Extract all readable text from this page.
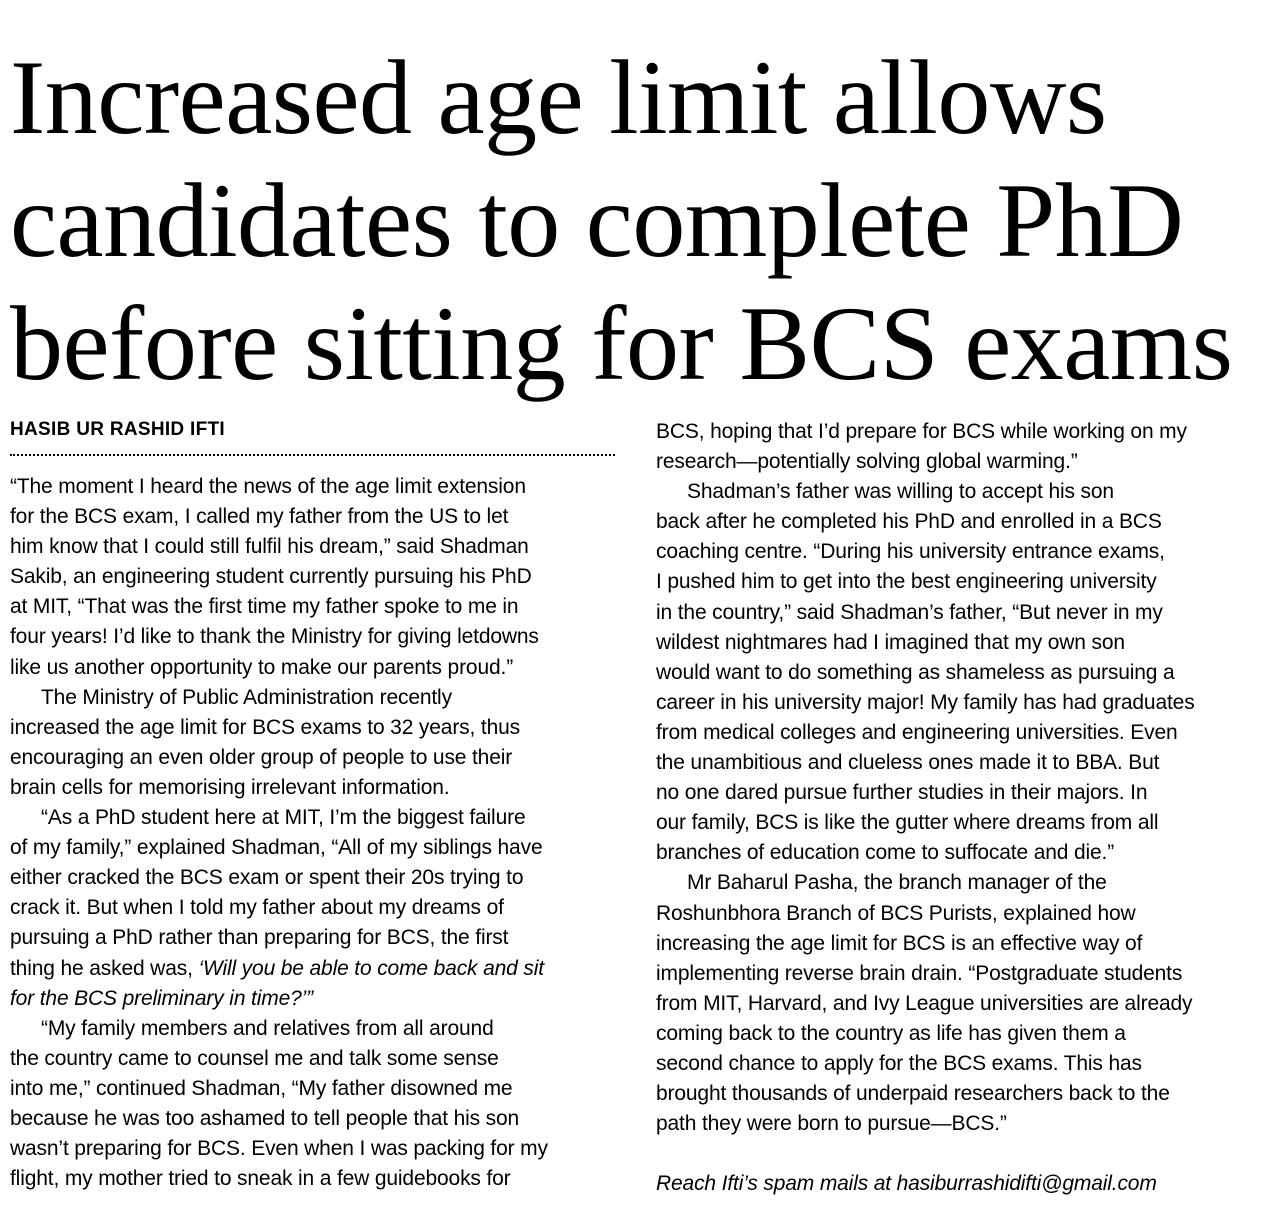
Increased age limit allows
candidates to complete PhD
before sitting for BCS exams
HASIB UR RASHID IFTI
“The moment I heard the news of the age limit extension
for the BCS exam, I called my father from the US to let
him know that I could still fulfil his dream,” said Shadman
Sakib, an engineering student currently pursuing his PhD
at MIT, “That was the first time my father spoke to me in
four years! I’d like to thank the Ministry for giving letdowns
like us another opportunity to make our parents proud.”
The Ministry of Public Administration recently
increased the age limit for BCS exams to 32 years, thus
encouraging an even older group of people to use their
brain cells for memorising irrelevant information.
“As a PhD student here at MIT, I’m the biggest failure
of my family,” explained Shadman, “All of my siblings have
either cracked the BCS exam or spent their 20s trying to
crack it. But when I told my father about my dreams of
pursuing a PhD rather than preparing for BCS, the first
thing he asked was, ‘Will you be able to come back and sit
for the BCS preliminary in time?’”
“My family members and relatives from all around
the country came to counsel me and talk some sense
into me,” continued Shadman, “My father disowned me
because he was too ashamed to tell people that his son
wasn’t preparing for BCS. Even when I was packing for my
flight, my mother tried to sneak in a few guidebooks for
BCS, hoping that I’d prepare for BCS while working on my
research—potentially solving global warming.”
Shadman’s father was willing to accept his son
back after he completed his PhD and enrolled in a BCS
coaching centre. “During his university entrance exams,
I pushed him to get into the best engineering university
in the country,” said Shadman’s father, “But never in my
wildest nightmares had I imagined that my own son
would want to do something as shameless as pursuing a
career in his university major! My family has had graduates
from medical colleges and engineering universities. Even
the unambitious and clueless ones made it to BBA. But
no one dared pursue further studies in their majors. In
our family, BCS is like the gutter where dreams from all
branches of education come to suffocate and die.”
Mr Baharul Pasha, the branch manager of the
Roshunbhora Branch of BCS Purists, explained how
increasing the age limit for BCS is an effective way of
implementing reverse brain drain. “Postgraduate students
from MIT, Harvard, and Ivy League universities are already
coming back to the country as life has given them a
second chance to apply for the BCS exams. This has
brought thousands of underpaid researchers back to the
path they were born to pursue—BCS.”
Reach Ifti’s spam mails at hasiburrashidifti@gmail.com
